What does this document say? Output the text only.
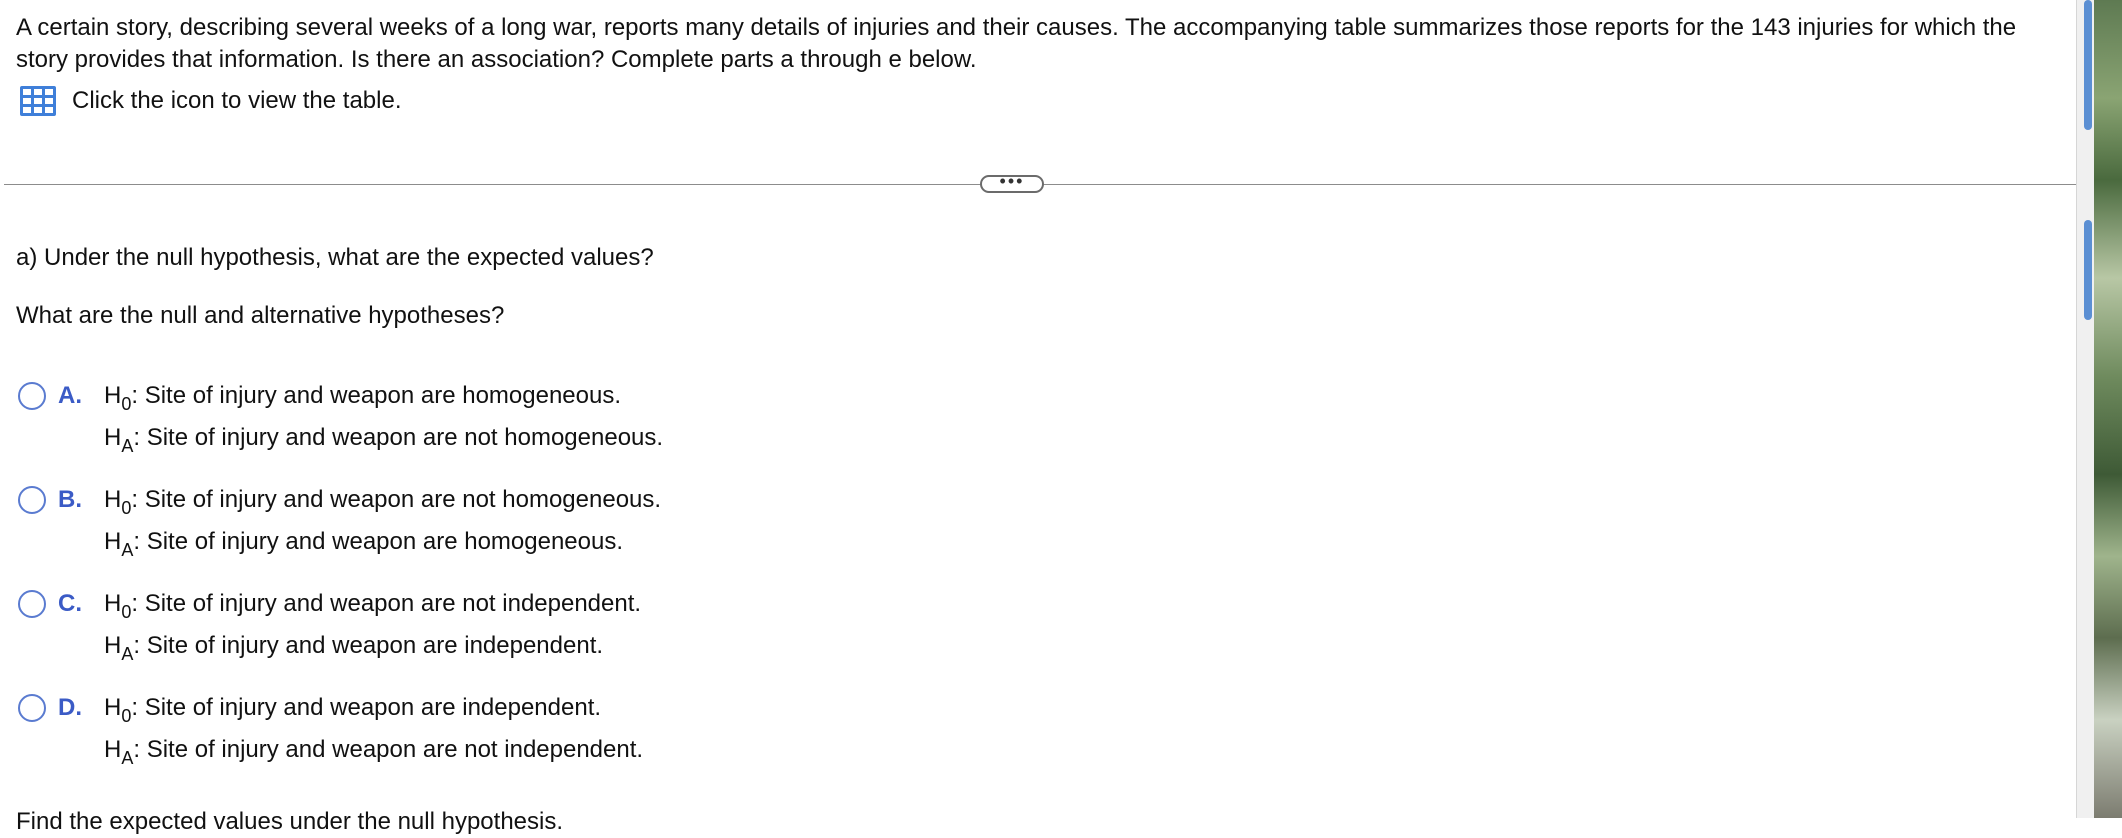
A certain story, describing several weeks of a long war, reports many details of injuries and their causes. The accompanying table summarizes those reports for the 143 injuries for which the story provides that information. Is there an association? Complete parts a through e below.

Click the icon to view the table.
•••

a) Under the null hypothesis, what are the expected values?

What are the null and alternative hypotheses?

A. $H_0$: Site of injury and weapon are homogeneous.
$H_A$: Site of injury and weapon are not homogeneous.
B. $H_0$: Site of injury and weapon are not homogeneous.
$H_A$: Site of injury and weapon are homogeneous.
C. $H_0$: Site of injury and weapon are not independent.
$H_A$: Site of injury and weapon are independent.
D. $H_0$: Site of injury and weapon are independent.
$H_A$: Site of injury and weapon are not independent.

Find the expected values under the null hypothesis.
